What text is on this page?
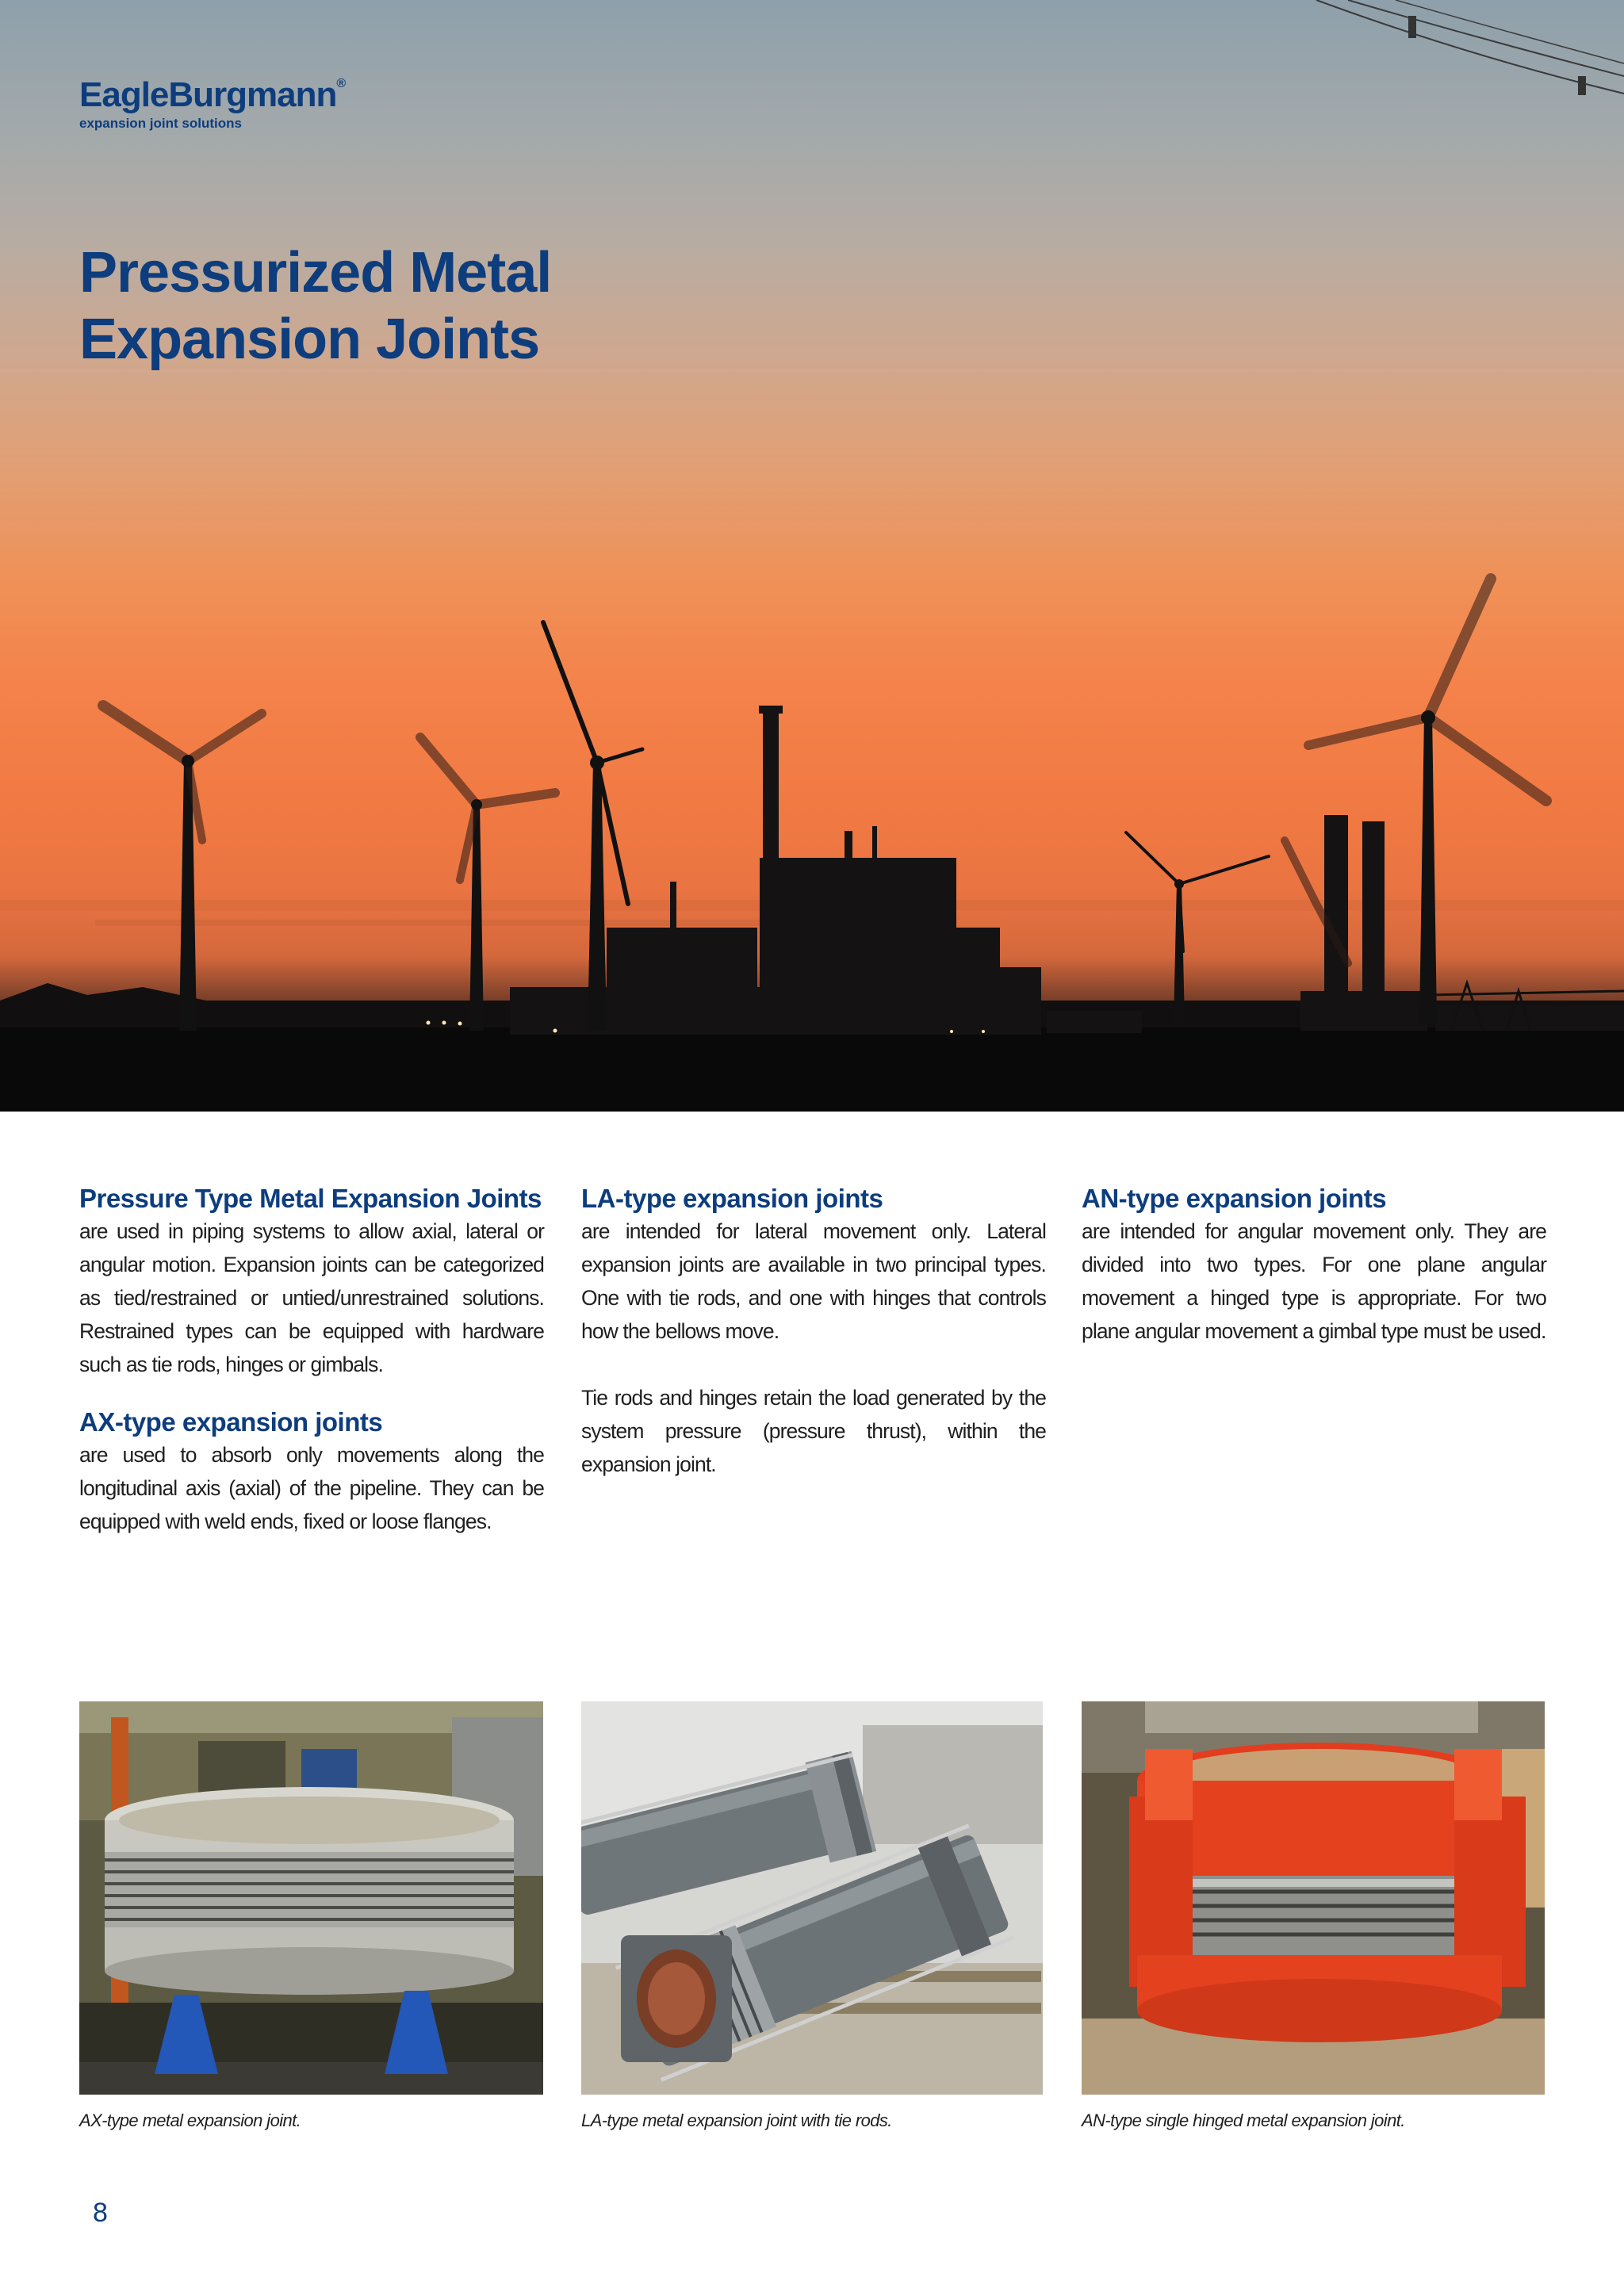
EagleBurgmann®
expansion joint solutions
Pressurized Metal
Expansion Joints
Pressure Type Metal Expansion Joints

are used in piping systems to allow axial, lateral or angular motion. Expansion joints can be categorized as tied/restrained or untied/unrestrained solutions. Restrained types can be equipped with hardware such as tie rods, hinges or gimbals.

AX-type expansion joints

are used to absorb only movements along the longitudinal axis (axial) of the pipeline. They can be equipped with weld ends, fixed or loose flanges.

LA-type expansion joints

are intended for lateral movement only. Lateral expansion joints are available in two principal types. One with tie rods, and one with hinges that controls how the bellows move.

Tie rods and hinges retain the load generated by the system pressure (pressure thrust), within the expansion joint.

AN-type expansion joints

are intended for angular movement only. They are divided into two types. For one plane angular movement a hinged type is appropriate. For two plane angular movement a gimbal type must be used.

AX-type metal expansion joint.	LA-type metal expansion joint with tie rods.	AN-type single hinged metal expansion joint.

8
